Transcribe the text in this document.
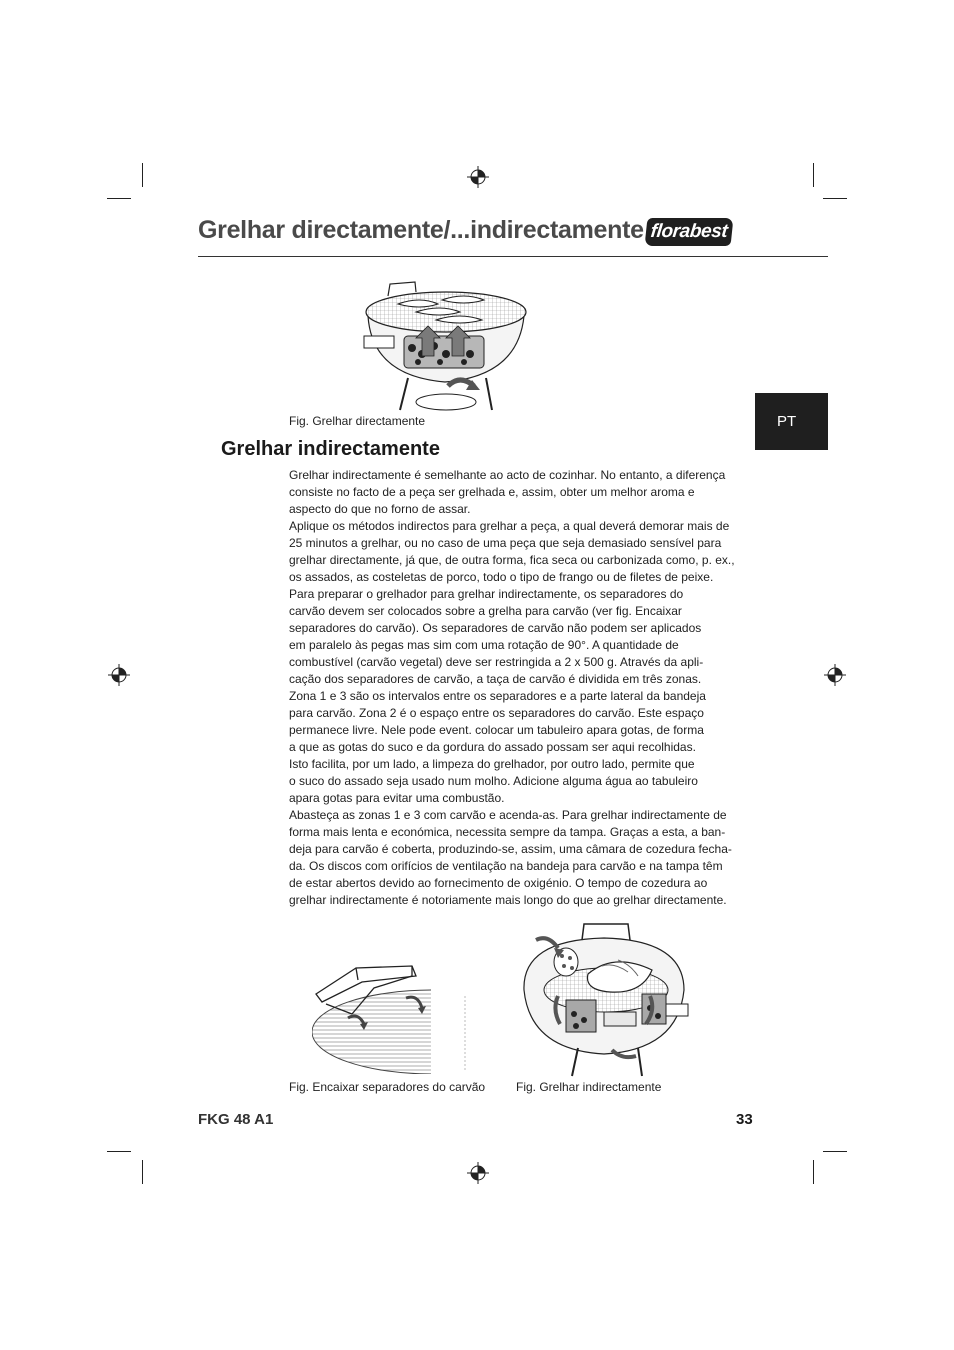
Grelhar directamente/...indirectamente florabest
PT
Fig. Grelhar directamente
Grelhar indirectamente
Grelhar indirectamente é semelhante ao acto de cozinhar. No entanto, a diferença
consiste no facto de a peça ser grelhada e, assim, obter um melhor aroma e
aspecto do que no forno de assar.
Aplique os métodos indirectos para grelhar a peça, a qual deverá demorar mais de
25 minutos a grelhar, ou no caso de uma peça que seja demasiado sensível para
grelhar directamente, já que, de outra forma, fica seca ou carbonizada como, p. ex.,
os assados, as costeletas de porco, todo o tipo de frango ou de filetes de peixe.
Para preparar o grelhador para grelhar indirectamente, os separadores do
carvão devem ser colocados sobre a grelha para carvão (ver fig. Encaixar
separadores do carvão). Os separadores de carvão não podem ser aplicados
em paralelo às pegas mas sim com uma rotação de 90°. A quantidade de
combustível (carvão vegetal) deve ser restringida a 2 x 500 g. Através da apli-
cação dos separadores de carvão, a taça de carvão é dividida em três zonas.
Zona 1 e 3 são os intervalos entre os separadores e a parte lateral da bandeja
para carvão. Zona 2 é o espaço entre os separadores do carvão. Este espaço
permanece livre. Nele pode event. colocar um tabuleiro apara gotas, de forma
a que as gotas do suco e da gordura do assado possam ser aqui recolhidas.
Isto facilita, por um lado, a limpeza do grelhador, por outro lado, permite que
o suco do assado seja usado num molho. Adicione alguma água ao tabuleiro
apara gotas para evitar uma combustão.
Abasteça as zonas 1 e 3 com carvão e acenda-as. Para grelhar indirectamente de
forma mais lenta e económica, necessita sempre da tampa. Graças a esta, a ban-
deja para carvão é coberta, produzindo-se, assim, uma câmara de cozedura fecha-
da. Os discos com orifícios de ventilação na bandeja para carvão e na tampa têm
de estar abertos devido ao fornecimento de oxigénio. O tempo de cozedura ao
grelhar indirectamente é notoriamente mais longo do que ao grelhar directamente.
Fig. Encaixar separadores do carvão	Fig. Grelhar indirectamente
FKG 48 A1	33
